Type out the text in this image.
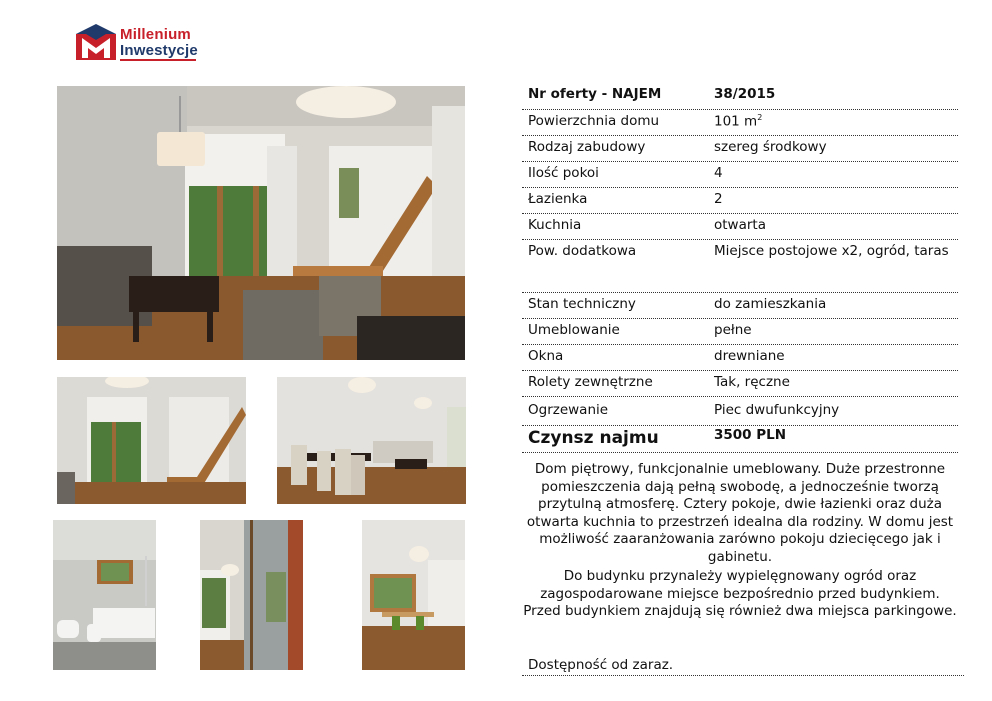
Millenium
Inwestycje
Nr oferty - NAJEM	38/2015
Powierzchnia domu	101 $m^2$
Rodzaj zabudowy	szereg środkowy
Ilość pokoi	4
Łazienka	2
Kuchnia	otwarta
Pow. dodatkowa	Miejsce postojowe x2, ogród, taras
Stan techniczny	do zamieszkania
Umeblowanie	pełne
Okna	drewniane
Rolety zewnętrzne	Tak, ręczne
Ogrzewanie	Piec dwufunkcyjny
Czynsz najmu	3500 PLN

Dom piętrowy, funkcjonalnie umeblowany. Duże przestronne pomieszczenia dają pełną swobodę, a jednocześnie tworzą przytulną atmosferę. Cztery pokoje, dwie łazienki oraz duża otwarta kuchnia to przestrzeń idealna dla rodziny. W domu jest możliwość zaaranżowania zarówno pokoju dziecięcego jak i gabinetu.

Do budynku przynależy wypielęgnowany ogród oraz zagospodarowane miejsce bezpośrednio przed budynkiem. Przed budynkiem znajdują się również dwa miejsca parkingowe.

Dostępność od zaraz.
